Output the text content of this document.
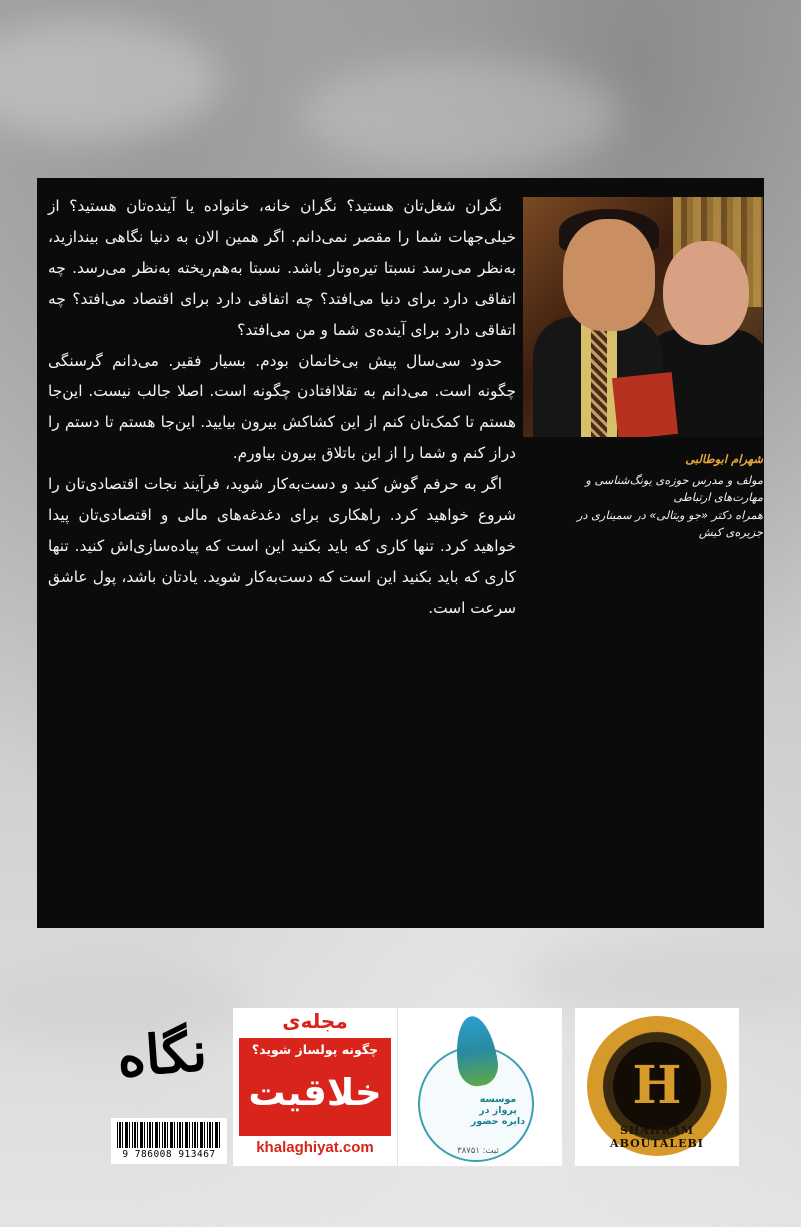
نگران شغل‌تان هستید؟ نگران خانه، خانواده یا آینده‌تان هستید؟ از خیلی‌جهات شما را مقصر نمی‌دانم. اگر همین الان به دنیا نگاهی بیندازید، به‌نظر می‌رسد نسبتا تیره‌وتار باشد. نسبتا به‌هم‌ریخته به‌نظر می‌رسد. چه اتفاقی دارد برای دنیا می‌افتد؟ چه اتفاقی دارد برای اقتصاد می‌افتد؟ چه اتفاقی دارد برای آینده‌ی شما و من می‌افتد؟

حدود سی‌سال پیش بی‌خانمان بودم. بسیار فقیر. می‌دانم گرسنگی چگونه است. می‌دانم به تقلاافتادن چگونه است. اصلا جالب نیست. این‌جا هستم تا کمک‌تان کنم از این کشاکش بیرون بیایید. این‌جا هستم تا دستم را دراز کنم و شما را از این باتلاق بیرون بیاورم.

اگر به حرفم گوش کنید و دست‌به‌کار شوید، فرآیند نجات اقتصادی‌تان را شروع خواهید کرد. راهکاری برای دغدغه‌های مالی و اقتصادی‌تان پیدا خواهید کرد. تنها کاری که باید بکنید این است که پیاده‌سازی‌اش کنید. تنها کاری که باید بکنید این است که دست‌به‌کار شوید. یادتان باشد، پول عاشق سرعت است.

شهرام ابوطالبی

مولف و مدرس حوزه‌ی یونگ‌شناسی و

مهارت‌های ارتباطی

همراه دکتر «جو ویتالی» در سمیناری در

جزیره‌ی کیش

H
SHAHRAM ABOUTALEBI
موسسه پرواز در دایره حضور
ثبت: ۳۸۷۵۱
مجله‌ی
چگونه پولساز شوید؟
خلاقیت
khalaghiyat.com
نگاه
9 786008 913467
